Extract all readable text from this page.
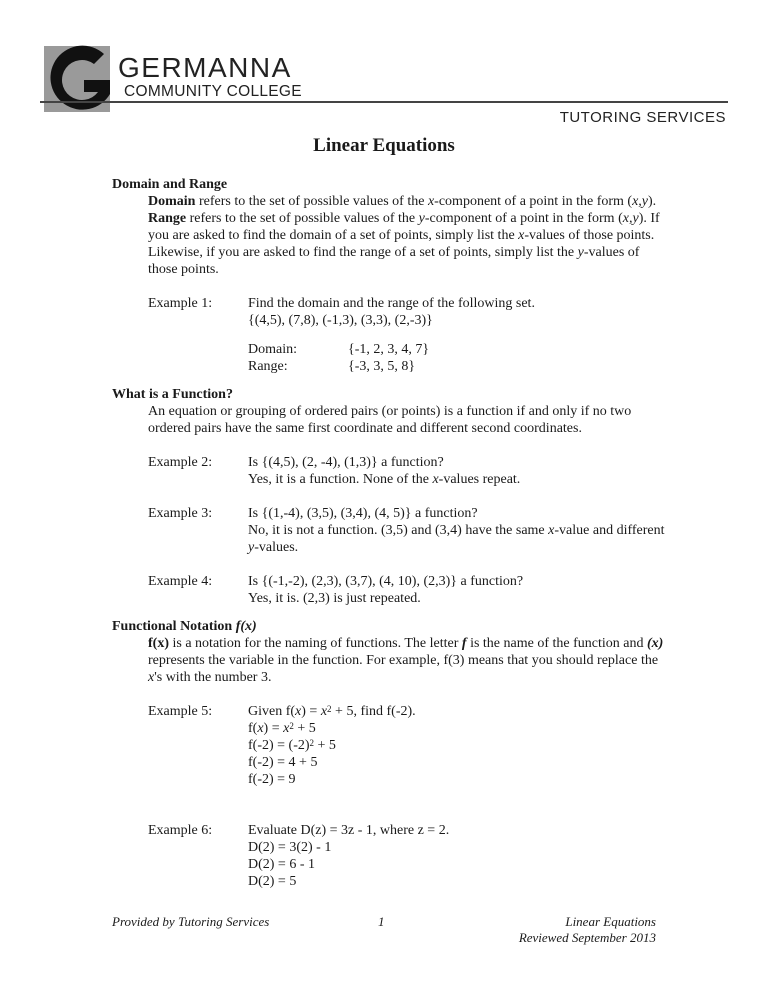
GERMANNA
COMMUNITY COLLEGE
TUTORING SERVICES
Linear Equations

Domain and Range

Domain refers to the set of possible values of the x-component of a point in the form (x,y). Range refers to the set of possible values of the y-component of a point in the form (x,y). If you are asked to find the domain of a set of points, simply list the x-values of those points. Likewise, if you are asked to find the range of a set of points, simply list the y-values of those points.

Example 1:	Find the domain and the range of the following set.
{(4,5), (7,8), (-1,3), (3,3), (2,-3)}
Domain:	{-1, 2, 3, 4, 7}
Range:	{-3, 3, 5, 8}

What is a Function?

An equation or grouping of ordered pairs (or points) is a function if and only if no two ordered pairs have the same first coordinate and different second coordinates.

Example 2:	Is {(4,5), (2, -4), (1,3)} a function?
Yes, it is a function. None of the x-values repeat.
Example 3:	Is {(1,-4), (3,5), (3,4), (4, 5)} a function?
No, it is not a function. (3,5) and (3,4) have the same x-value and different y-values.
Example 4:	Is {(-1,-2), (2,3), (3,7), (4, 10), (2,3)} a function?
Yes, it is. (2,3) is just repeated.

Functional Notation f(x)

f(x) is a notation for the naming of functions. The letter f is the name of the function and (x) represents the variable in the function. For example, f(3) means that you should replace the x's with the number 3.

Example 5:	Given $f(x) = x^2 + 5$, find f(-2).
$f(x) = x^2 + 5$
$f(-2) = (-2)^2 + 5$
f(-2) = 4 + 5
f(-2) = 9
Example 6:	Evaluate D(z) = 3z - 1, where z = 2.
D(2) = 3(2) - 1
D(2) = 6 - 1
D(2) = 5
Provided by Tutoring Services	1	Linear Equations
Reviewed September 2013
